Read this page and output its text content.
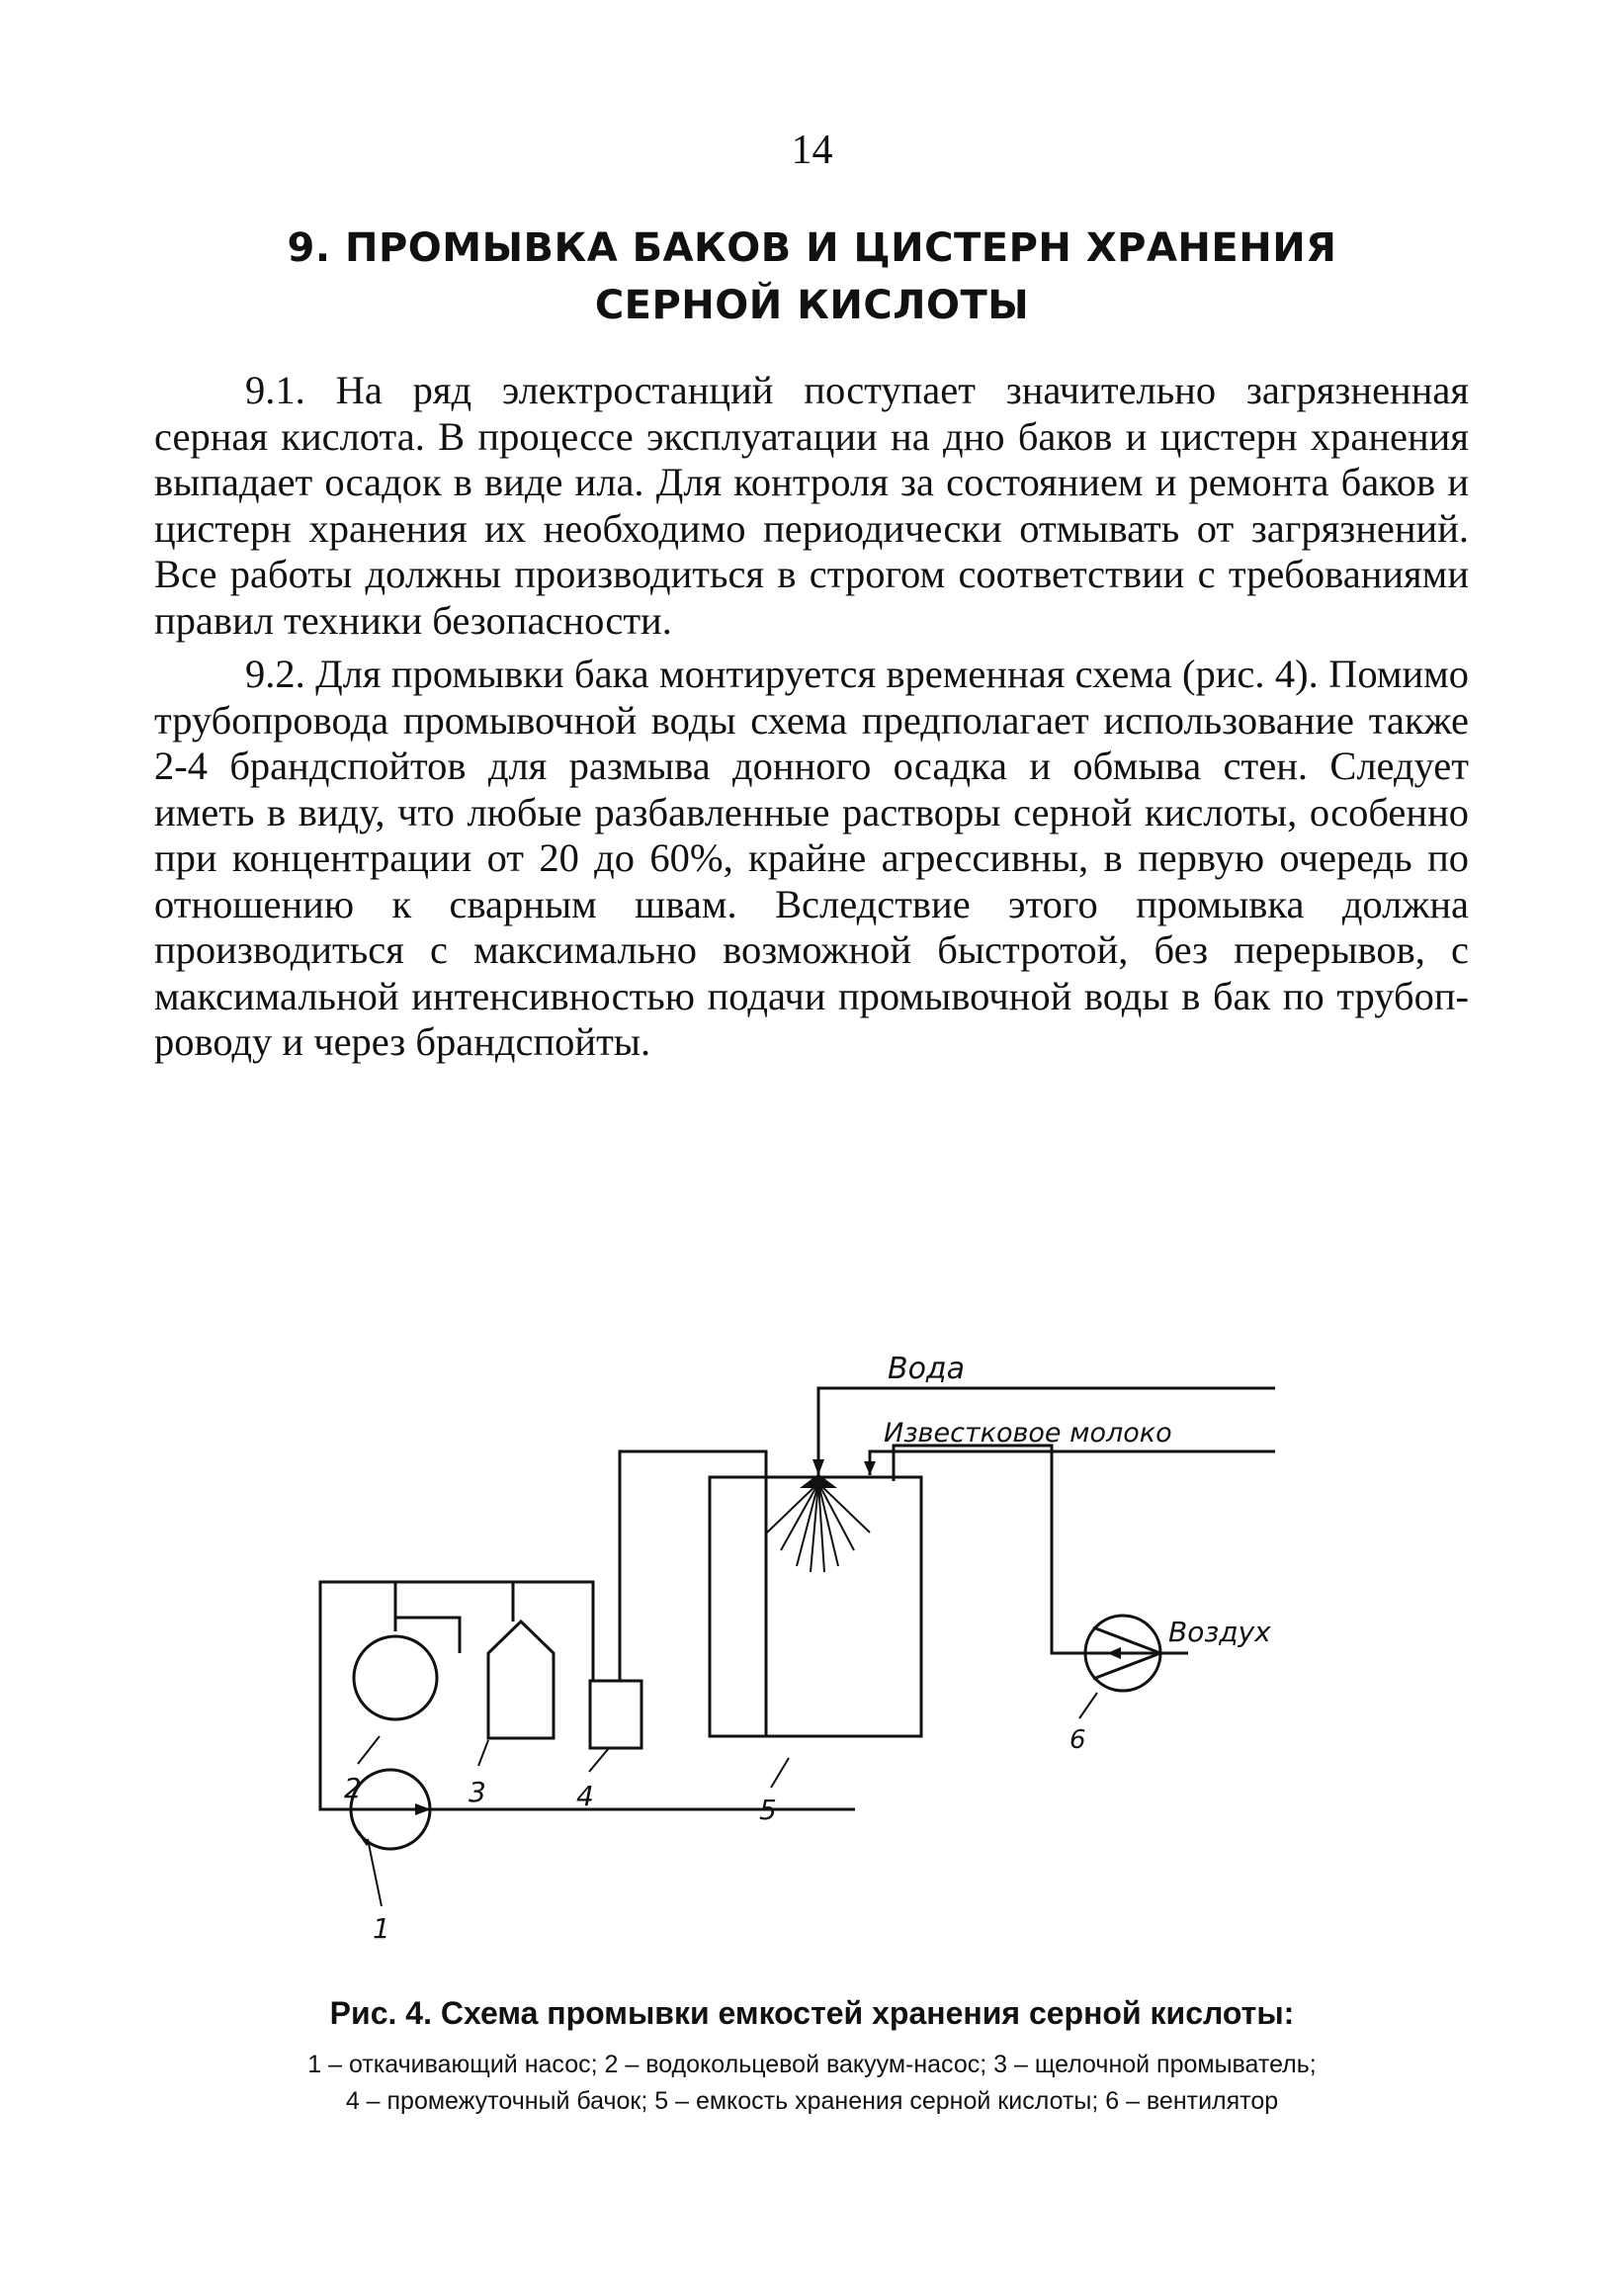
14
9. ПРОМЫВКА БАКОВ И ЦИСТЕРН ХРАНЕНИЯ
СЕРНОЙ КИСЛОТЫ

9.1. На ряд электростанций поступает значительно загрязненная серная кислота. В процессе эксплуатации на дно баков и цистерн хранения выпадает осадок в виде ила. Для контроля за состоянием и ремонта баков и цистерн хранения их необходимо периодически отмывать от загрязнений. Все работы должны производиться в строгом соответствии с требованиями правил техники безопасности.

9.2. Для промывки бака монтируется временная схема (рис. 4). Помимо трубопровода промывочной воды схема предполагает использование также 2-4 брандспойтов для размыва донного осадка и обмыва стен. Следует иметь в виду, что любые разбавленные растворы серной кислоты, особенно при концентрации от 20 до 60%, крайне агрессивны, в первую очередь по отношению к сварным швам. Вследствие этого промывка должна производиться с максимально возможной быстротой, без перерывов, с максимальной интенсивностью подачи промывочной воды в бак по трубопроводу и через брандспойты.

Вода
Известковое молоко
Воздух
1
2	3	4	5
6
Рис. 4. Схема промывки емкостей хранения серной кислоты:
1 – откачивающий насос; 2 – водокольцевой вакуум-насос; 3 – щелочной промыватель;
4 – промежуточный бачок; 5 – емкость хранения серной кислоты; 6 – вентилятор
